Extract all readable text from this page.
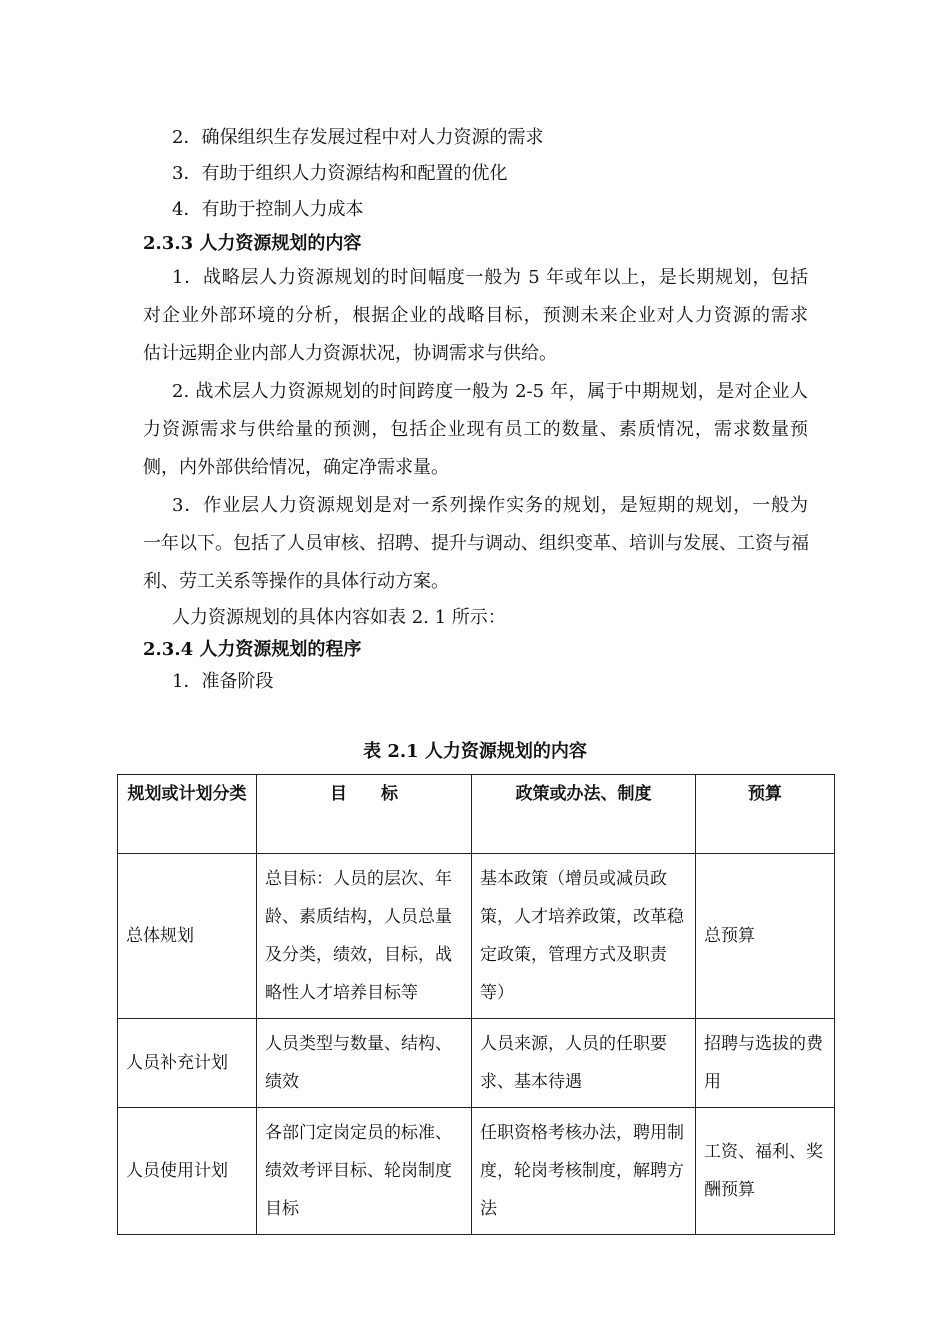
2．确保组织生存发展过程中对人力资源的需求
3．有助于组织人力资源结构和配置的优化
4．有助于控制人力成本
2.3.3 人力资源规划的内容
1．战略层人力资源规划的时间幅度一般为 5 年或年以上，是长期规划，包括
对企业外部环境的分析，根据企业的战略目标，预测未来企业对人力资源的需求
估计远期企业内部人力资源状况，协调需求与供给。
2. 战术层人力资源规划的时间跨度一般为 2-5 年，属于中期规划，是对企业人
力资源需求与供给量的预测，包括企业现有员工的数量、素质情况，需求数量预
侧，内外部供给情况，确定净需求量。
3．作业层人力资源规划是对一系列操作实务的规划，是短期的规划，一般为
一年以下。包括了人员审核、招聘、提升与调动、组织变革、培训与发展、工资与福
利、劳工关系等操作的具体行动方案。
人力资源规划的具体内容如表 2. 1 所示：
2.3.4 人力资源规划的程序
1．准备阶段
表 2.1 人力资源规划的内容
规划或计划分类	目　　标	政策或办法、制度	预算
总体规划	总目标：人员的层次、年龄、素质结构，人员总量及分类，绩效，目标，战略性人才培养目标等	基本政策（增员或减员政策，人才培养政策，改革稳定政策，管理方式及职责等）	总预算
人员补充计划	人员类型与数量、结构、绩效	人员来源，人员的任职要求、基本待遇	招聘与选拔的费用
人员使用计划	各部门定岗定员的标准、绩效考评目标、轮岗制度目标	任职资格考核办法，聘用制度，轮岗考核制度，解聘方法	工资、福利、奖酬预算
